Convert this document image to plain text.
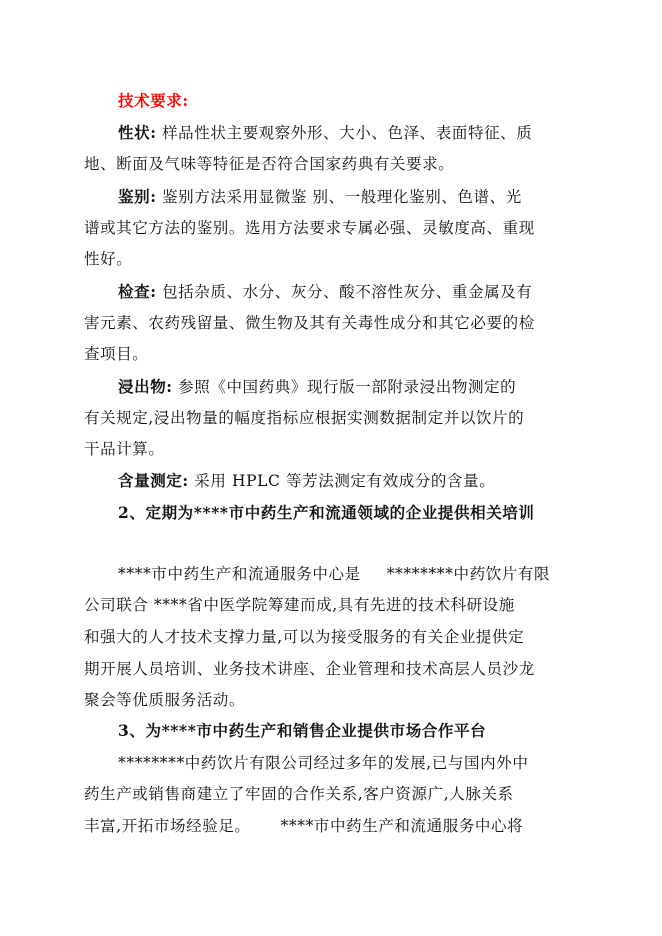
技术要求:
性状: 样品性状主要观察外形、大小、色泽、表面特征、质
地、断面及气味等特征是否符合国家药典有关要求。
鉴别: 鉴别方法采用显微鉴 别、一般理化鉴别、色谱、光
谱或其它方法的鉴别。选用方法要求专属必强、灵敏度高、重现
性好。
检查: 包括杂质、水分、灰分、酸不溶性灰分、重金属及有
害元素、农药残留量、微生物及其有关毒性成分和其它必要的检
查项目。
浸出物: 参照《中国药典》现行版一部附录浸出物测定的
有关规定,浸出物量的幅度指标应根据实测数据制定并以饮片的
干品计算。
含量测定: 采用 HPLC 等芳法测定有效成分的含量。
2、定期为****市中药生产和流通领域的企业提供相关培训
****市中药生产和流通服务中心是 ********中药饮片有限
公司联合 ****省中医学院筹建而成,具有先进的技术科研设施
和强大的人才技术支撑力量,可以为接受服务的有关企业提供定
期开展人员培训、业务技术讲座、企业管理和技术高层人员沙龙
聚会等优质服务活动。
3、为****市中药生产和销售企业提供市场合作平台
********中药饮片有限公司经过多年的发展,已与国内外中
药生产或销售商建立了牢固的合作关系,客户资源广,人脉关系
丰富,开拓市场经验足。 ****市中药生产和流通服务中心将
